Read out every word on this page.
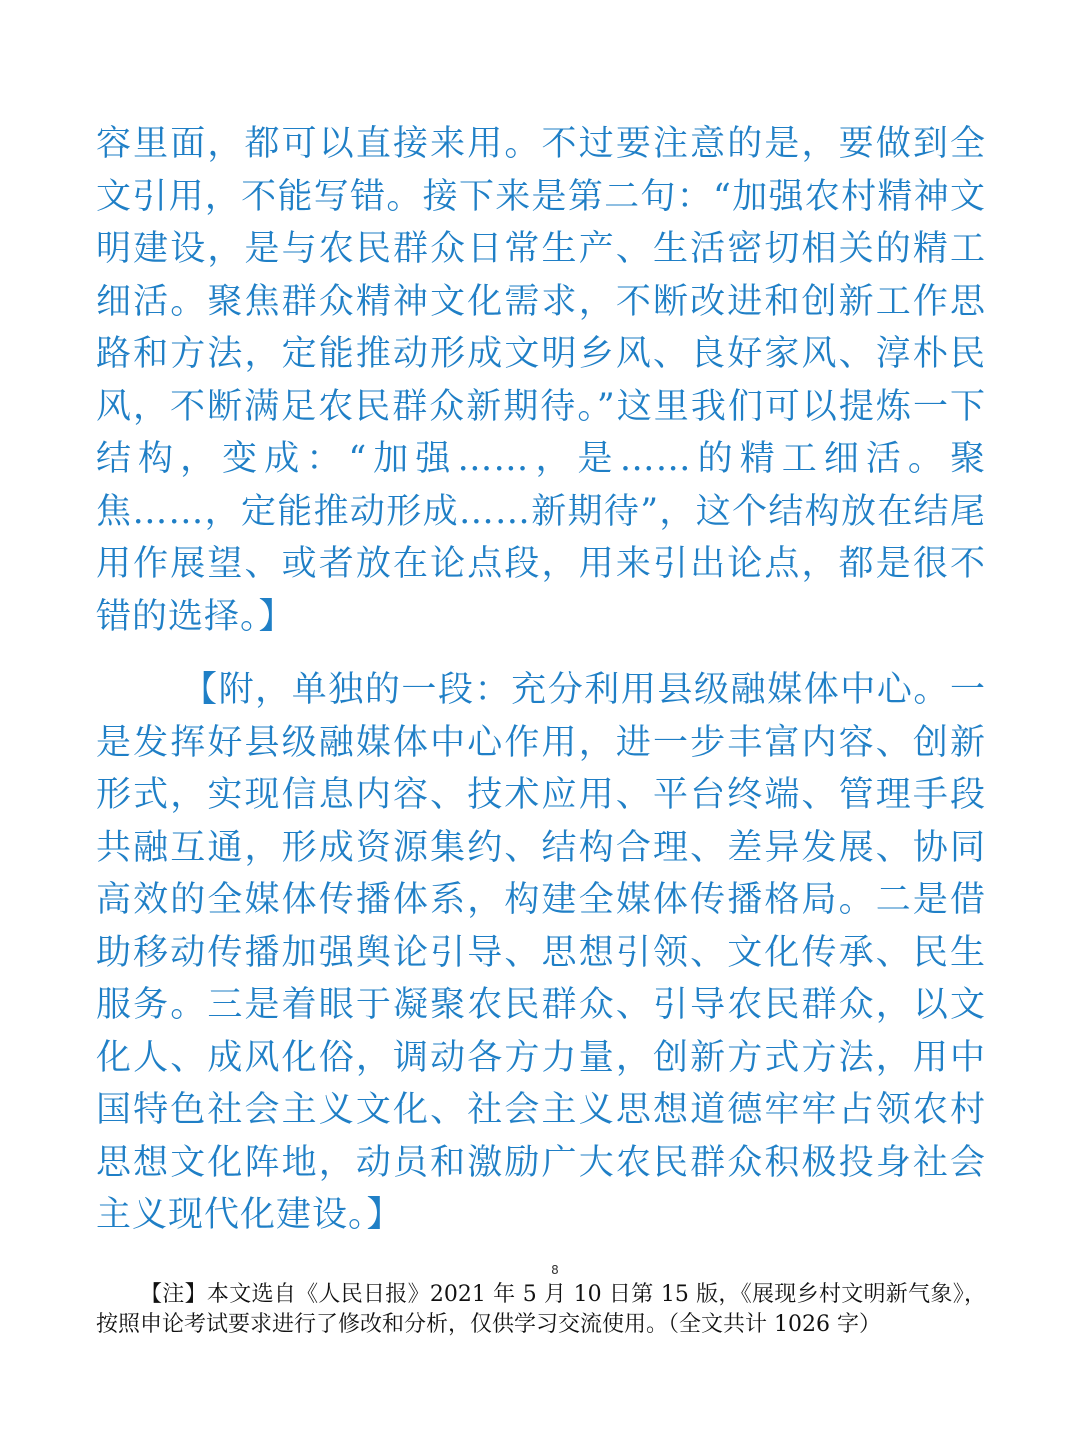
容里面，都可以直接来用。不过要注意的是，要做到全文引用，不能写错。接下来是第二句：“加强农村精神文明建设，是与农民群众日常生产、生活密切相关的精工细活。聚焦群众精神文化需求，不断改进和创新工作思路和方法，定能推动形成文明乡风、良好家风、淳朴民风，不断满足农民群众新期待。”这里我们可以提炼一下结构，变成：“加强……，是……的精工细活。聚焦……，定能推动形成……新期待”，这个结构放在结尾用作展望、或者放在论点段，用来引出论点，都是很不错的选择。】

【附，单独的一段：充分利用县级融媒体中心。一是发挥好县级融媒体中心作用，进一步丰富内容、创新形式，实现信息内容、技术应用、平台终端、管理手段共融互通，形成资源集约、结构合理、差异发展、协同高效的全媒体传播体系，构建全媒体传播格局。二是借助移动传播加强舆论引导、思想引领、文化传承、民生服务。三是着眼于凝聚农民群众、引导农民群众，以文化人、成风化俗，调动各方力量，创新方式方法，用中国特色社会主义文化、社会主义思想道德牢牢占领农村思想文化阵地，动员和激励广大农民群众积极投身社会主义现代化建设。】

8

【注】本文选自《人民日报》2021 年 5 月 10 日第 15 版，《展现乡村文明新气象》，按照申论考试要求进行了修改和分析，仅供学习交流使用。（全文共计 1026 字）
